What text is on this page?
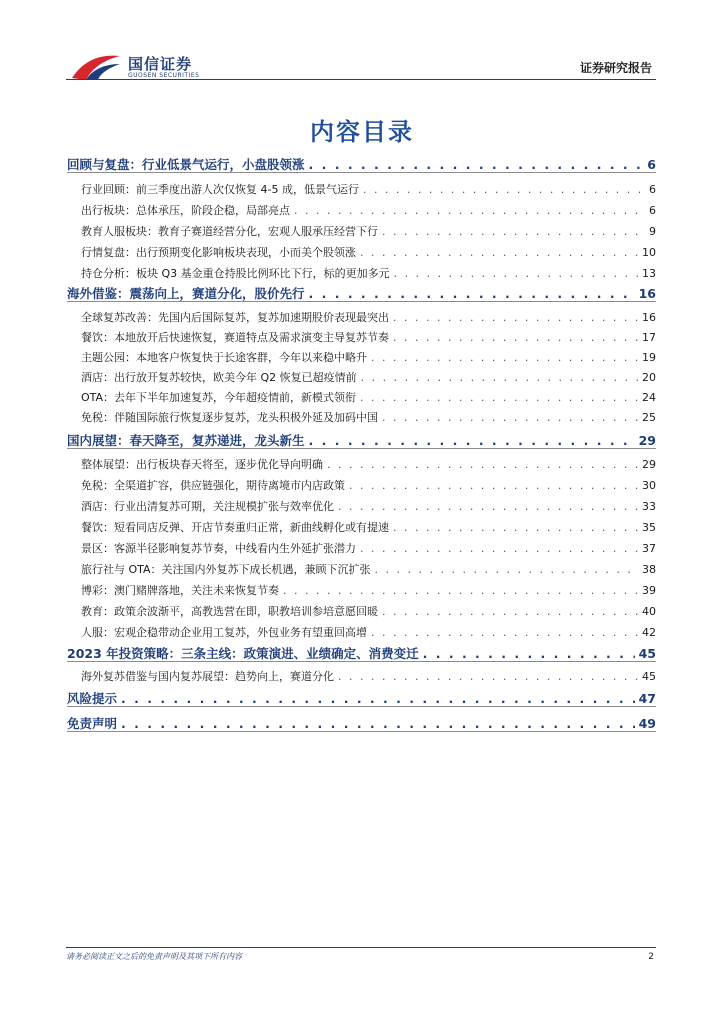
国信证券
GUOSEN SECURITIES
证券研究报告
内容目录
回顾与复盘：行业低景气运行，小盘股领涨 . . .	6
行业回顾：前三季度出游人次仅恢复 4-5 成，低景气运行 . . .	6
出行板块：总体承压，阶段企稳，局部亮点 . . .	6
教育人服板块：教育子赛道经营分化，宏观人服承压经营下行 . . .	9
行情复盘：出行预期变化影响板块表现，小而美个股领涨 . . .	10
持仓分析：板块 Q3 基金重仓持股比例环比下行，标的更加多元 . . .	13
海外借鉴：震荡向上，赛道分化，股价先行 . . .	16
全球复苏改善：先国内后国际复苏，复苏加速期股价表现最突出 . . .	16
餐饮：本地放开后快速恢复，赛道特点及需求演变主导复苏节奏 . . .	17
主题公园：本地客户恢复快于长途客群，今年以来稳中略升 . . .	19
酒店：出行放开复苏较快，欧美今年 Q2 恢复已超疫情前 . . .	20
OTA：去年下半年加速复苏，今年超疫情前，新模式领衔 . . .	24
免税：伴随国际旅行恢复逐步复苏，龙头积极外延及加码中国 . . .	25
国内展望：春天降至，复苏递进，龙头新生 . . .	29
整体展望：出行板块春天将至，逐步优化导向明确 . . .	29
免税：全渠道扩容，供应链强化，期待离境市内店政策 . . .	30
酒店：行业出清复苏可期，关注规模扩张与效率优化 . . .	33
餐饮：短看同店反弹、开店节奏重归正常，新曲线孵化或有提速 . . .	35
景区：客源半径影响复苏节奏，中线看内生外延扩张潜力 . . .	37
旅行社与 OTA：关注国内外复苏下成长机遇，兼顾下沉扩张 . . .	38
博彩：澳门赌牌落地，关注未来恢复节奏 . . .	39
教育：政策余波渐平，高教选营在即，职教培训参培意愿回暖 . . .	40
人服：宏观企稳带动企业用工复苏，外包业务有望重回高增 . . .	42
2023 年投资策略：三条主线：政策演进、业绩确定、消费变迁 . . .	45
海外复苏借鉴与国内复苏展望：趋势向上，赛道分化 . . .	45
风险提示 . . .	47
免责声明 . . .	49
请务必阅读正文之后的免责声明及其项下所有内容	2
